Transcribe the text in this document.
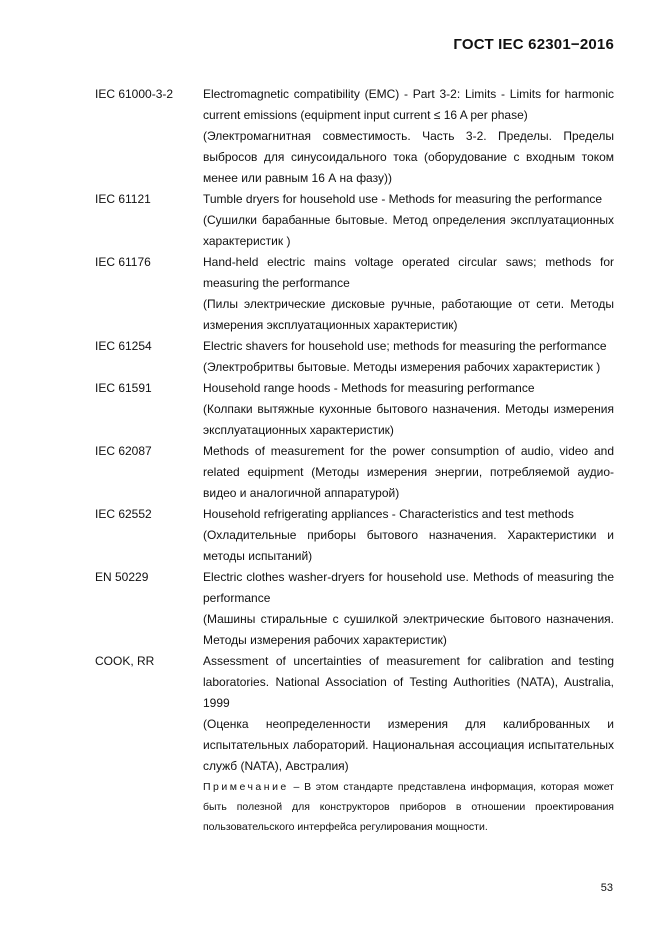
ГОСТ IEC 62301−2016
IEC 61000-3-2	Electromagnetic compatibility (EMC) - Part 3-2: Limits - Limits for harmonic current emissions (equipment input current ≤ 16 A per phase)

(Электромагнитная совместимость. Часть 3-2. Пределы. Пределы выбросов для синусоидального тока (оборудование с входным током менее или равным 16 А на фазу))

IEC 61121	Tumble dryers for household use - Methods for measuring the performance

(Сушилки барабанные бытовые. Метод определения эксплуатационных характеристик )

IEC 61176	Hand-held electric mains voltage operated circular saws; methods for measuring the performance

(Пилы электрические дисковые ручные, работающие от сети. Методы измерения эксплуатационных характеристик)

IEC 61254	Electric shavers for household use; methods for measuring the performance

(Электробритвы бытовые. Методы измерения рабочих характеристик )

IEC 61591	Household range hoods - Methods for measuring performance

(Колпаки вытяжные кухонные бытового назначения. Методы измерения эксплуатационных характеристик)

IEC 62087	Methods of measurement for the power consumption of audio, video and related equipment (Методы измерения энергии, потребляемой аудио-видео и аналогичной аппаратурой)

IEC 62552	Household refrigerating appliances - Characteristics and test methods

(Охладительные приборы бытового назначения. Характеристики и методы испытаний)

EN 50229	Electric clothes washer-dryers for household use. Methods of measuring the performance

(Машины стиральные с сушилкой электрические бытового назначения. Методы измерения рабочих характеристик)

COOK, RR	Assessment of uncertainties of measurement for calibration and testing laboratories. National Association of Testing Authorities (NATA), Australia, 1999

(Оценка неопределенности измерения для калиброванных и испытательных лабораторий. Национальная ассоциация испытательных служб (NATA), Австралия)

Примечание – В этом стандарте представлена информация, которая может быть полезной для конструкторов приборов в отношении проектирования пользовательского интерфейса регулирования мощности.

53
